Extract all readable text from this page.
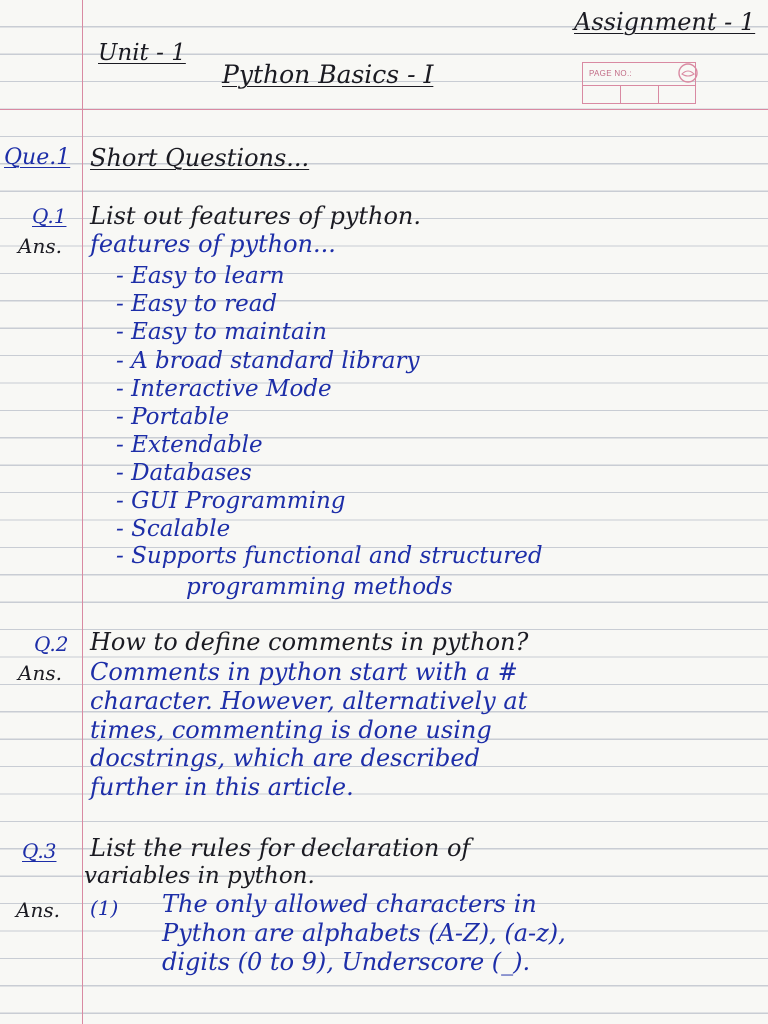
Assignment - 1
Unit - 1
Python Basics - I	PAGE NO.:
Que.1 Short Questions...
Q.1 List out features of python.
Ans. features of python...
- Easy to learn
- Easy to read
- Easy to maintain
- A broad standard library
- Interactive Mode
- Portable
- Extendable
- Databases
- GUI Programming
- Scalable
- Supports functional and structured
programming methods
Q.2 How to define comments in python?
Ans. Comments in python start with a #
character. However, alternatively at
times, commenting is done using
docstrings, which are described
further in this article.
Q.3 List the rules for declaration of
variables in python.
Ans. (1) The only allowed characters in
Python are alphabets (A-Z), (a-z),
digits (0 to 9), Underscore (_).
